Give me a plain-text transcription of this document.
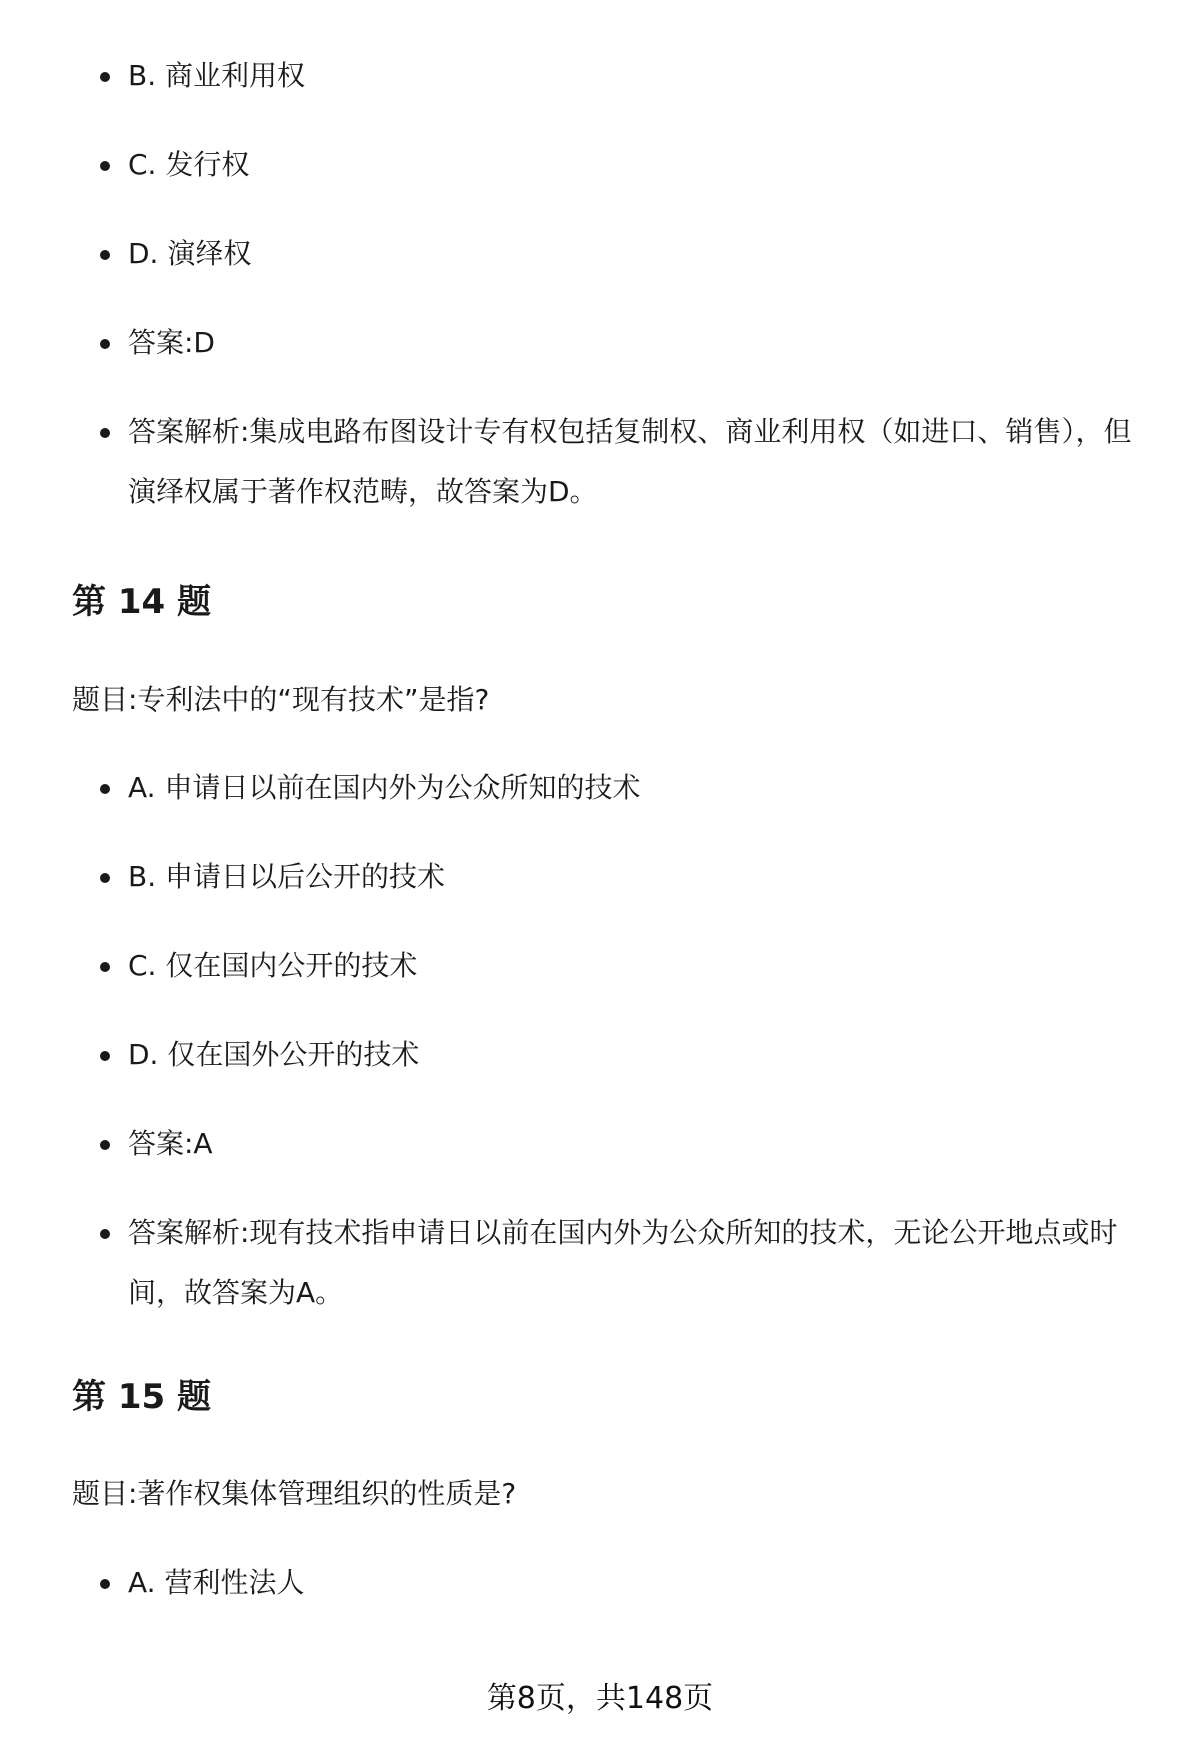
B. 商业利用权
C. 发行权
D. 演绎权
答案:D
答案解析:集成电路布图设计专有权包括复制权、商业利用权（如进口、销售），但演绎权属于著作权范畴，故答案为D。
第 14 题

题目:专利法中的“现有技术”是指?

A. 申请日以前在国内外为公众所知的技术
B. 申请日以后公开的技术
C. 仅在国内公开的技术
D. 仅在国外公开的技术
答案:A
答案解析:现有技术指申请日以前在国内外为公众所知的技术，无论公开地点或时间，故答案为A。
第 15 题

题目:著作权集体管理组织的性质是?

A. 营利性法人
第8页，共148页
